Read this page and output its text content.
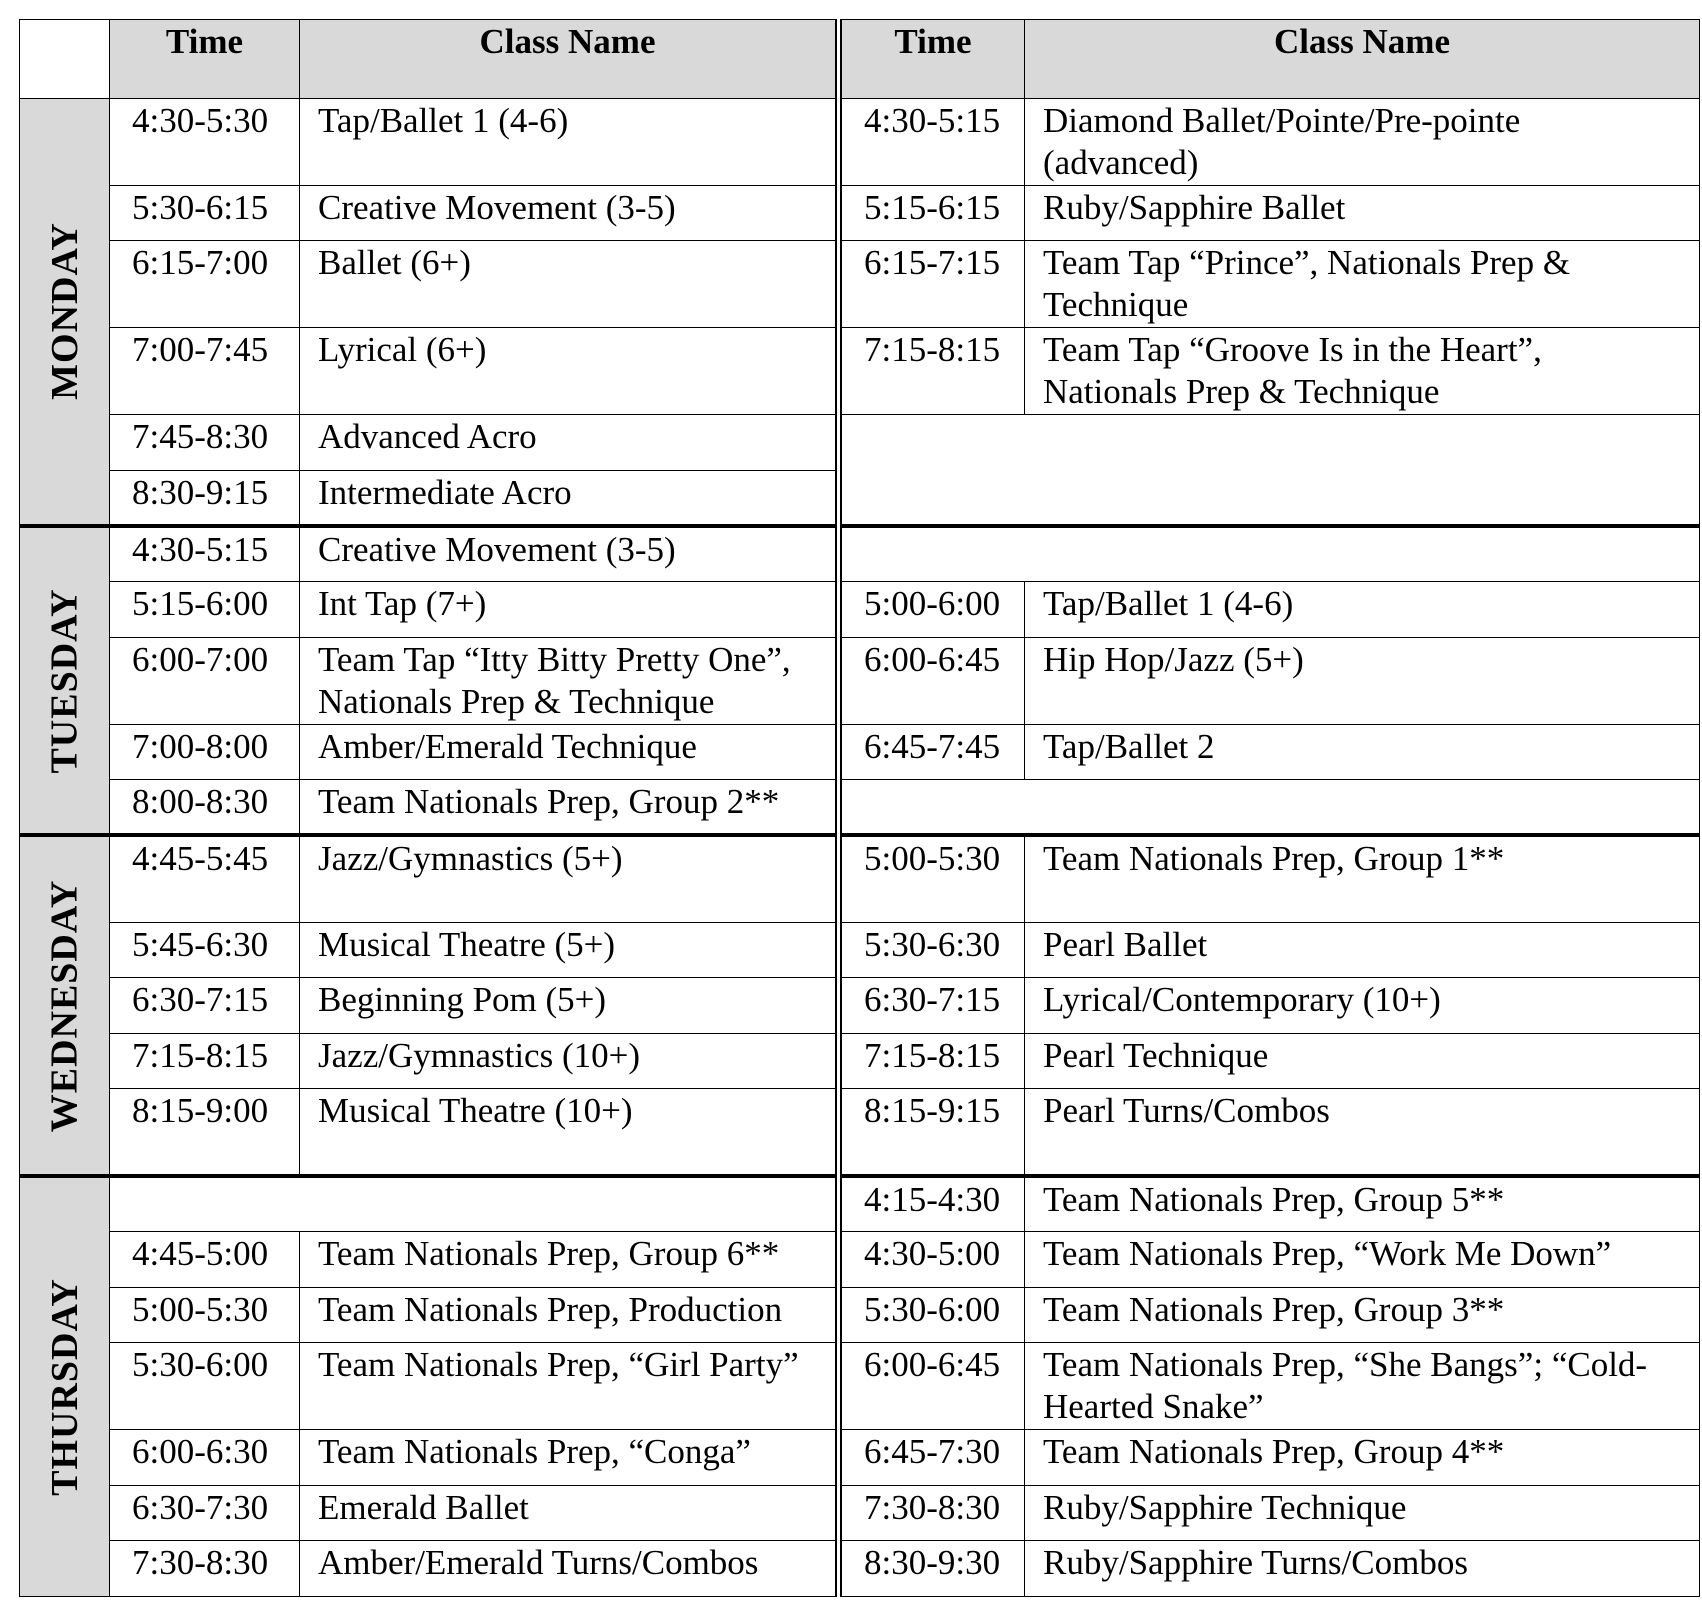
	Time	Class Name	Time	Class Name

MONDAY	4:30-5:30	Tap/Ballet 1 (4-6)	4:30-5:15	Diamond Ballet/Pointe/Pre-pointe (advanced)
	5:30-6:15	Creative Movement (3-5)	5:15-6:15	Ruby/Sapphire Ballet
	6:15-7:00	Ballet (6+)	6:15-7:15	Team Tap “Prince”, Nationals Prep & Technique
	7:00-7:45	Lyrical (6+)	7:15-8:15	Team Tap “Groove Is in the Heart”, Nationals Prep & Technique
	7:45-8:30	Advanced Acro		
	8:30-9:15	Intermediate Acro		

TUESDAY	4:30-5:15	Creative Movement (3-5)		
	5:15-6:00	Int Tap (7+)	5:00-6:00	Tap/Ballet 1 (4-6)
	6:00-7:00	Team Tap “Itty Bitty Pretty One”, Nationals Prep & Technique	6:00-6:45	Hip Hop/Jazz (5+)
	7:00-8:00	Amber/Emerald Technique	6:45-7:45	Tap/Ballet 2
	8:00-8:30	Team Nationals Prep, Group 2**		

WEDNESDAY	4:45-5:45	Jazz/Gymnastics (5+)	5:00-5:30	Team Nationals Prep, Group 1**
	5:45-6:30	Musical Theatre (5+)	5:30-6:30	Pearl Ballet
	6:30-7:15	Beginning Pom (5+)	6:30-7:15	Lyrical/Contemporary (10+)
	7:15-8:15	Jazz/Gymnastics (10+)	7:15-8:15	Pearl Technique
	8:15-9:00	Musical Theatre (10+)	8:15-9:15	Pearl Turns/Combos

THURSDAY			4:15-4:30	Team Nationals Prep, Group 5**
	4:45-5:00	Team Nationals Prep, Group 6**	4:30-5:00	Team Nationals Prep, “Work Me Down”
	5:00-5:30	Team Nationals Prep, Production	5:30-6:00	Team Nationals Prep, Group 3**
	5:30-6:00	Team Nationals Prep, “Girl Party”	6:00-6:45	Team Nationals Prep, “She Bangs”; “Cold-Hearted Snake”
	6:00-6:30	Team Nationals Prep, “Conga”	6:45-7:30	Team Nationals Prep, Group 4**
	6:30-7:30	Emerald Ballet	7:30-8:30	Ruby/Sapphire Technique
	7:30-8:30	Amber/Emerald Turns/Combos	8:30-9:30	Ruby/Sapphire Turns/Combos
